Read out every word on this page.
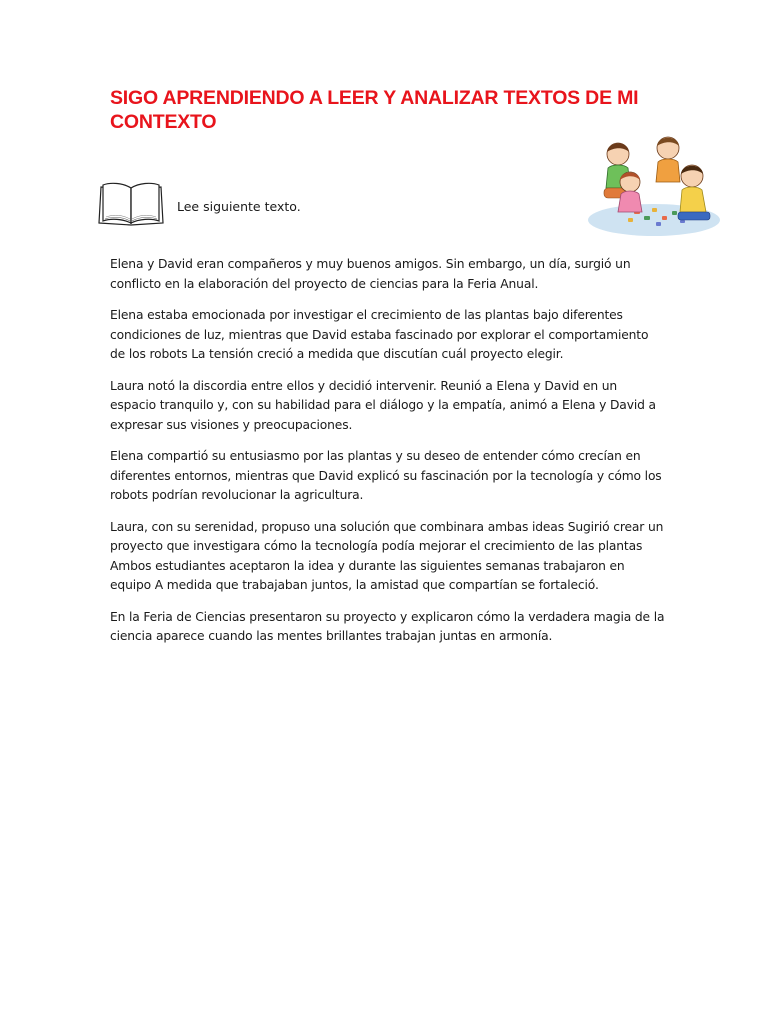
SIGO APRENDIENDO A LEER Y ANALIZAR TEXTOS DE MI CONTEXTO
Lee siguiente texto.

Elena y David eran compañeros y muy buenos amigos. Sin embargo, un día, surgió un conflicto en la elaboración del proyecto de ciencias para la Feria Anual.

Elena estaba emocionada por investigar el crecimiento de las plantas bajo diferentes condiciones de luz, mientras que David estaba fascinado por explorar el comportamiento de los robots La tensión creció a medida que discutían cuál proyecto elegir.

Laura notó la discordia entre ellos y decidió intervenir. Reunió a Elena y David en un espacio tranquilo y, con su habilidad para el diálogo y la empatía, animó a Elena y David a expresar sus visiones y preocupaciones.

Elena compartió su entusiasmo por las plantas y su deseo de entender cómo crecían en diferentes entornos, mientras que David explicó su fascinación por la tecnología y cómo los robots podrían revolucionar la agricultura.

Laura, con su serenidad, propuso una solución que combinara ambas ideas Sugirió crear un proyecto que investigara cómo la tecnología podía mejorar el crecimiento de las plantas Ambos estudiantes aceptaron la idea y durante las siguientes semanas trabajaron en equipo A medida que trabajaban juntos, la amistad que compartían se fortaleció.

En la Feria de Ciencias presentaron su proyecto y explicaron cómo la verdadera magia de la ciencia aparece cuando las mentes brillantes trabajan juntas en armonía.
